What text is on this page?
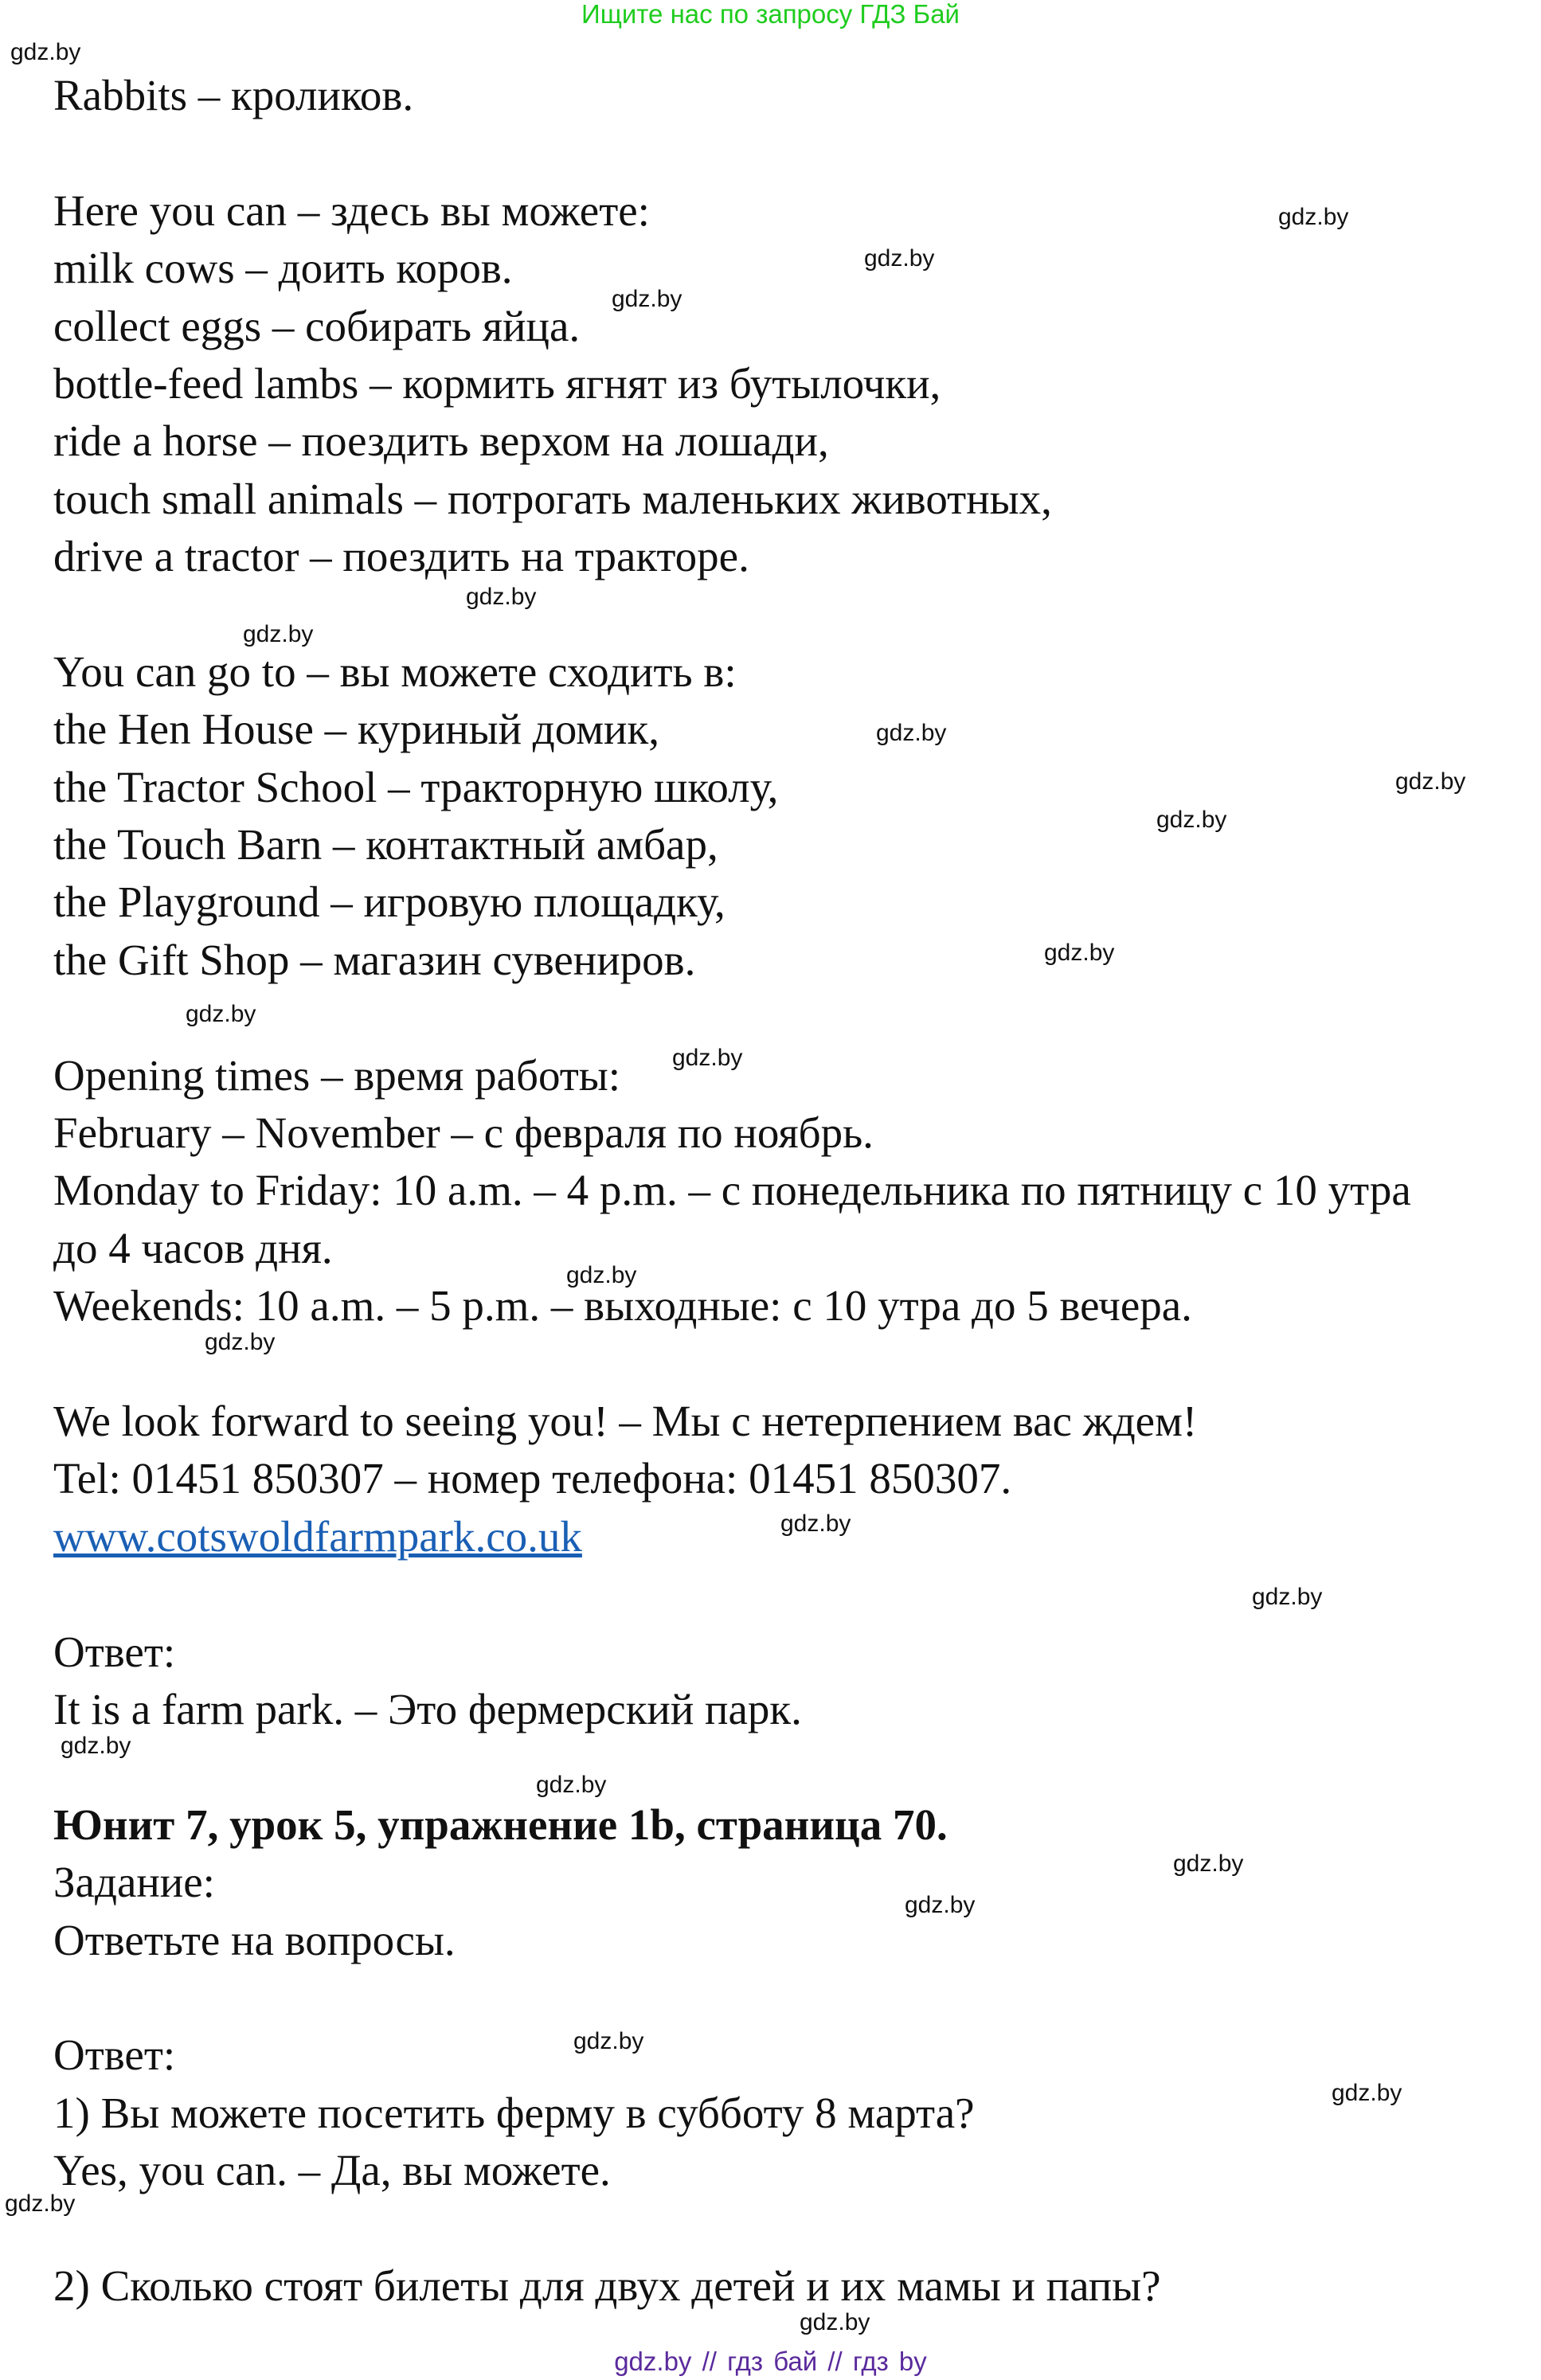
Ищите нас по запросу ГДЗ Бай
Rabbits – кроликов.
Here you can – здесь вы можете:
milk cows – доить коров.
collect eggs – собирать яйца.
bottle-feed lambs – кормить ягнят из бутылочки,
ride a horse – поездить верхом на лошади,
touch small animals – потрогать маленьких животных,
drive a tractor – поездить на тракторе.
You can go to – вы можете сходить в:
the Hen House – куриный домик,
the Tractor School – тракторную школу,
the Touch Barn – контактный амбар,
the Playground – игровую площадку,
the Gift Shop – магазин сувениров.
Opening times – время работы:
February – November – с февраля по ноябрь.
Monday to Friday: 10 a.m. – 4 p.m. – с понедельника по пятницу с 10 утра
до 4 часов дня.
Weekends: 10 a.m. – 5 p.m. – выходные: с 10 утра до 5 вечера.
We look forward to seeing you! – Мы с нетерпением вас ждем!
Tel: 01451 850307 – номер телефона: 01451 850307.
www.cotswoldfarmpark.co.uk
Ответ:
It is a farm park. – Это фермерский парк.
Юнит 7, урок 5, упражнение 1b, страница 70.
Задание:
Ответьте на вопросы.
Ответ:
1) Вы можете посетить ферму в субботу 8 марта?
Yes, you can. – Да, вы можете.
2) Сколько стоят билеты для двух детей и их мамы и папы?
gdz.by
gdz.by
gdz.by
gdz.by
gdz.by
gdz.by
gdz.by
gdz.by
gdz.by
gdz.by
gdz.by
gdz.by
gdz.by
gdz.by
gdz.by
gdz.by
gdz.by
gdz.by
gdz.by
gdz.by
gdz.by
gdz.by
gdz.by
gdz.by
gdz.by // гдз бай // гдз by
